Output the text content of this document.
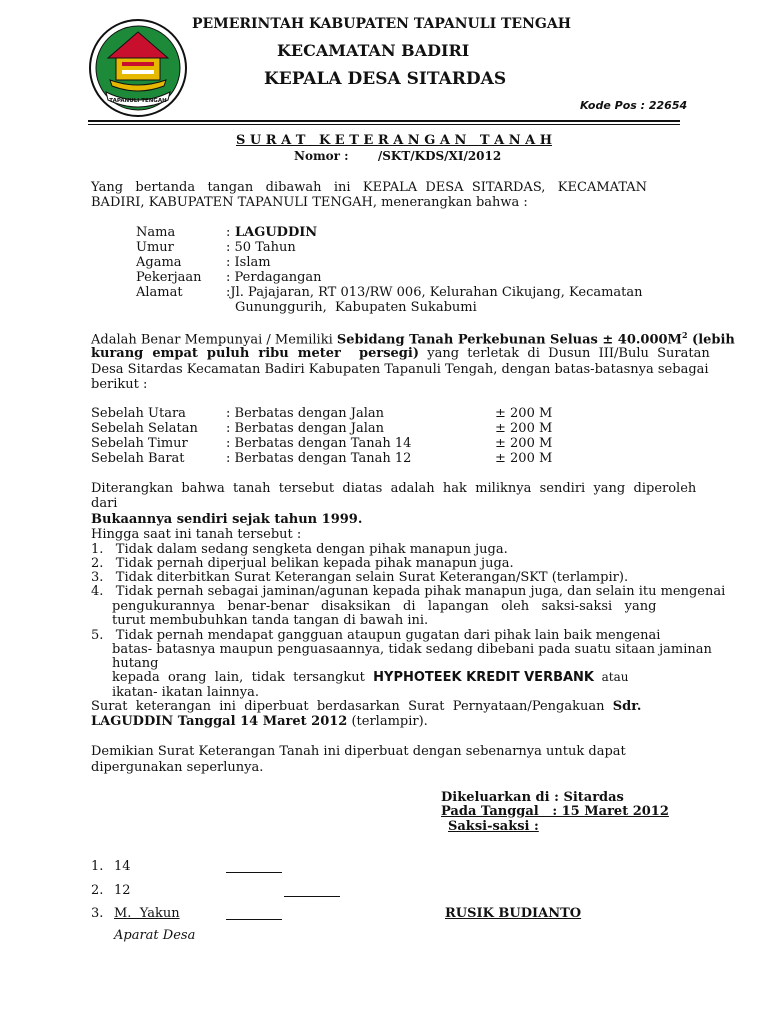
TAPANULI TENGAH
PEMERINTAH KABUPATEN TAPANULI TENGAH
KECAMATAN BADIRI
KEPALA DESA SITARDAS
Kode Pos : 22654
S U R A T   K E T E R A N G A N   T A N A H
Nomor :       /SKT/KDS/XI/2012
Yang   bertanda   tangan   dibawah   ini   KEPALA  DESA  SITARDAS,   KECAMATAN
BADIRI, KABUPATEN TAPANULI TENGAH, menerangkan bahwa :
Nama	: LAGUDDIN
Umur	: 50 Tahun
Agama	: Islam
Pekerjaan : Perdagangan
Alamat	:Jl. Pajajaran, RT 013/RW 006, Kelurahan Cikujang, Kecamatan
Gununggurih,  Kabupaten Sukabumi
Adalah Benar Mempunyai / Memiliki Sebidang Tanah Perkebunan Seluas ± $40.000M^2$ (lebih
kurang  empat  puluh  ribu  meter    persegi)  yang  terletak  di  Dusun  III/Bulu  Suratan
Desa Sitardas Kecamatan Badiri Kabupaten Tapanuli Tengah, dengan batas-batasnya sebagai
berikut :
Sebelah Utara	: Berbatas dengan Jalan	± 200 M
Sebelah Selatan : Berbatas dengan Jalan	± 200 M
Sebelah Timur	: Berbatas dengan Tanah 14	± 200 M
Sebelah Barat	: Berbatas dengan Tanah 12	± 200 M
Diterangkan  bahwa  tanah  tersebut  diatas  adalah  hak  miliknya  sendiri  yang  diperoleh
dari
Bukaannya sendiri sejak tahun 1999.
Hingga saat ini tanah tersebut :
1.   Tidak dalam sedang sengketa dengan pihak manapun juga.
2.   Tidak pernah diperjual belikan kepada pihak manapun juga.
3.   Tidak diterbitkan Surat Keterangan selain Surat Keterangan/SKT (terlampir).
4.   Tidak pernah sebagai jaminan/agunan kepada pihak manapun juga, dan selain itu mengenai
pengukurannya   benar-benar   disaksikan   di   lapangan   oleh   saksi-saksi   yang
turut membubuhkan tanda tangan di bawah ini.
5.   Tidak pernah mendapat gangguan ataupun gugatan dari pihak lain baik mengenai
batas- batasnya maupun penguasaannya, tidak sedang dibebani pada suatu sitaan jaminan
hutang
kepada  orang  lain,  tidak  tersangkut  HYPHOTEEK KREDIT VERBANK  atau
ikatan- ikatan lainnya.
Surat  keterangan  ini  diperbuat  berdasarkan  Surat  Pernyataan/Pengakuan  Sdr.
LAGUDDIN Tanggal 14 Maret 2012 (terlampir).
Demikian Surat Keterangan Tanah ini diperbuat dengan sebenarnya untuk dapat
dipergunakan seperlunya.
Dikeluarkan di : Sitardas
Pada Tanggal   : 15 Maret 2012
Saksi-saksi :
1. 14
2. 12
3. M.  Yakun	RUSIK BUDIANTO
Aparat Desa
